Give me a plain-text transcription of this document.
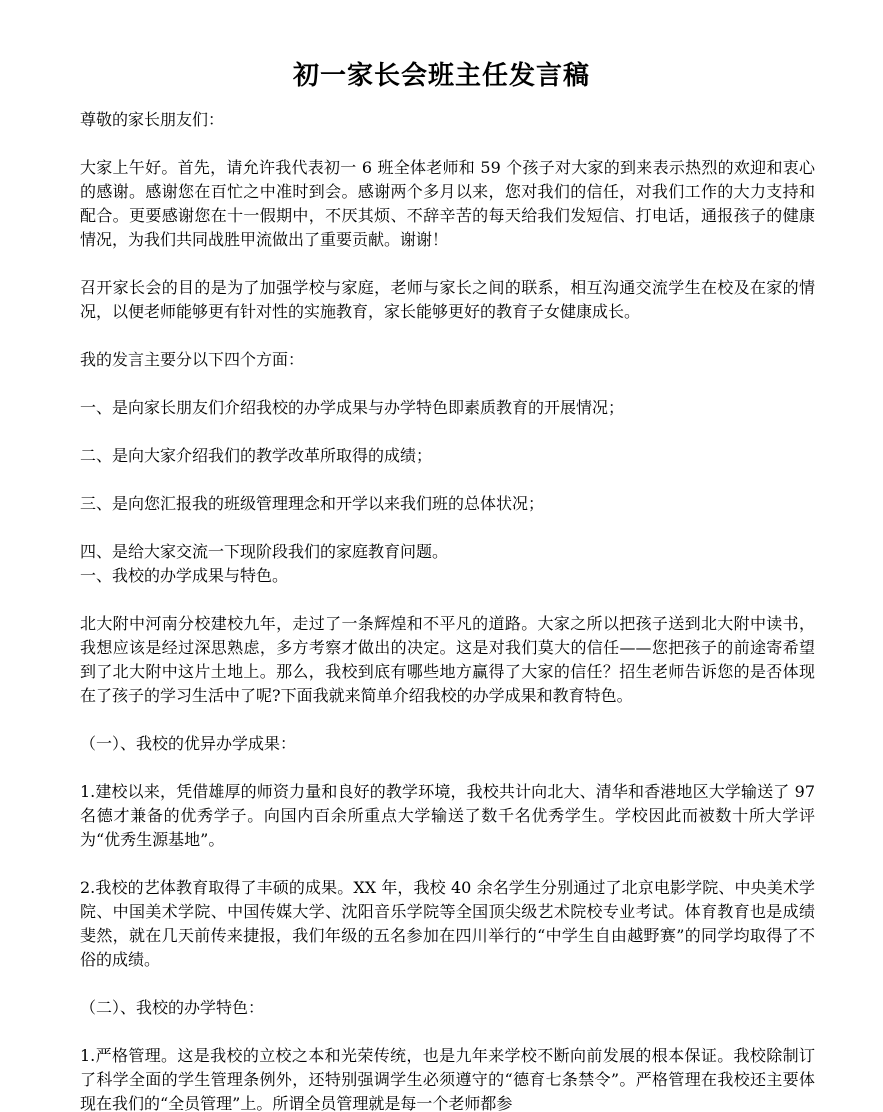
初一家长会班主任发言稿

尊敬的家长朋友们：

大家上午好。首先，请允许我代表初一 6 班全体老师和 59 个孩子对大家的到来表示热烈的欢迎和衷心的感谢。感谢您在百忙之中准时到会。感谢两个多月以来，您对我们的信任，对我们工作的大力支持和配合。更要感谢您在十一假期中，不厌其烦、不辞辛苦的每天给我们发短信、打电话，通报孩子的健康情况，为我们共同战胜甲流做出了重要贡献。谢谢！

召开家长会的目的是为了加强学校与家庭，老师与家长之间的联系，相互沟通交流学生在校及在家的情况，以便老师能够更有针对性的实施教育，家长能够更好的教育子女健康成长。

我的发言主要分以下四个方面：

一、是向家长朋友们介绍我校的办学成果与办学特色即素质教育的开展情况；

二、是向大家介绍我们的教学改革所取得的成绩；

三、是向您汇报我的班级管理理念和开学以来我们班的总体状况；

四、是给大家交流一下现阶段我们的家庭教育问题。

一、我校的办学成果与特色。

北大附中河南分校建校九年，走过了一条辉煌和不平凡的道路。大家之所以把孩子送到北大附中读书，我想应该是经过深思熟虑，多方考察才做出的决定。这是对我们莫大的信任——您把孩子的前途寄希望到了北大附中这片土地上。那么，我校到底有哪些地方赢得了大家的信任？招生老师告诉您的是否体现在了孩子的学习生活中了呢?下面我就来简单介绍我校的办学成果和教育特色。

（一）、我校的优异办学成果：

1.建校以来，凭借雄厚的师资力量和良好的教学环境，我校共计向北大、清华和香港地区大学输送了 97 名德才兼备的优秀学子。向国内百余所重点大学输送了数千名优秀学生。学校因此而被数十所大学评为“优秀生源基地”。

2.我校的艺体教育取得了丰硕的成果。XX 年，我校 40 余名学生分别通过了北京电影学院、中央美术学院、中国美术学院、中国传媒大学、沈阳音乐学院等全国顶尖级艺术院校专业考试。体育教育也是成绩斐然，就在几天前传来捷报，我们年级的五名参加在四川举行的“中学生自由越野赛”的同学均取得了不俗的成绩。

（二）、我校的办学特色：

1.严格管理。这是我校的立校之本和光荣传统，也是九年来学校不断向前发展的根本保证。我校除制订了科学全面的学生管理条例外，还特别强调学生必须遵守的“德育七条禁令”。严格管理在我校还主要体现在我们的“全员管理”上。所谓全员管理就是每一个老师都参
